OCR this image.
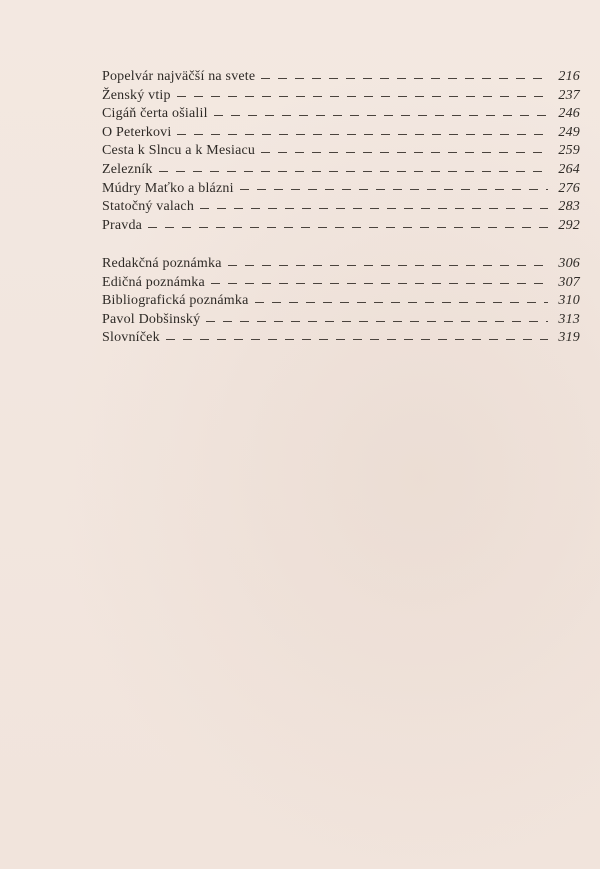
Popelvár najväčší na svete	216
Ženský vtip	237
Cigáň čerta ošialil	246
O Peterkovi	249
Cesta k Slncu a k Mesiacu	259
Zelezník	264
Múdry Maťko a blázni	276
Statočný valach	283
Pravda	292
Redakčná poznámka	306
Edičná poznámka	307
Bibliografická poznámka	310
Pavol Dobšinský	313
Slovníček	319
